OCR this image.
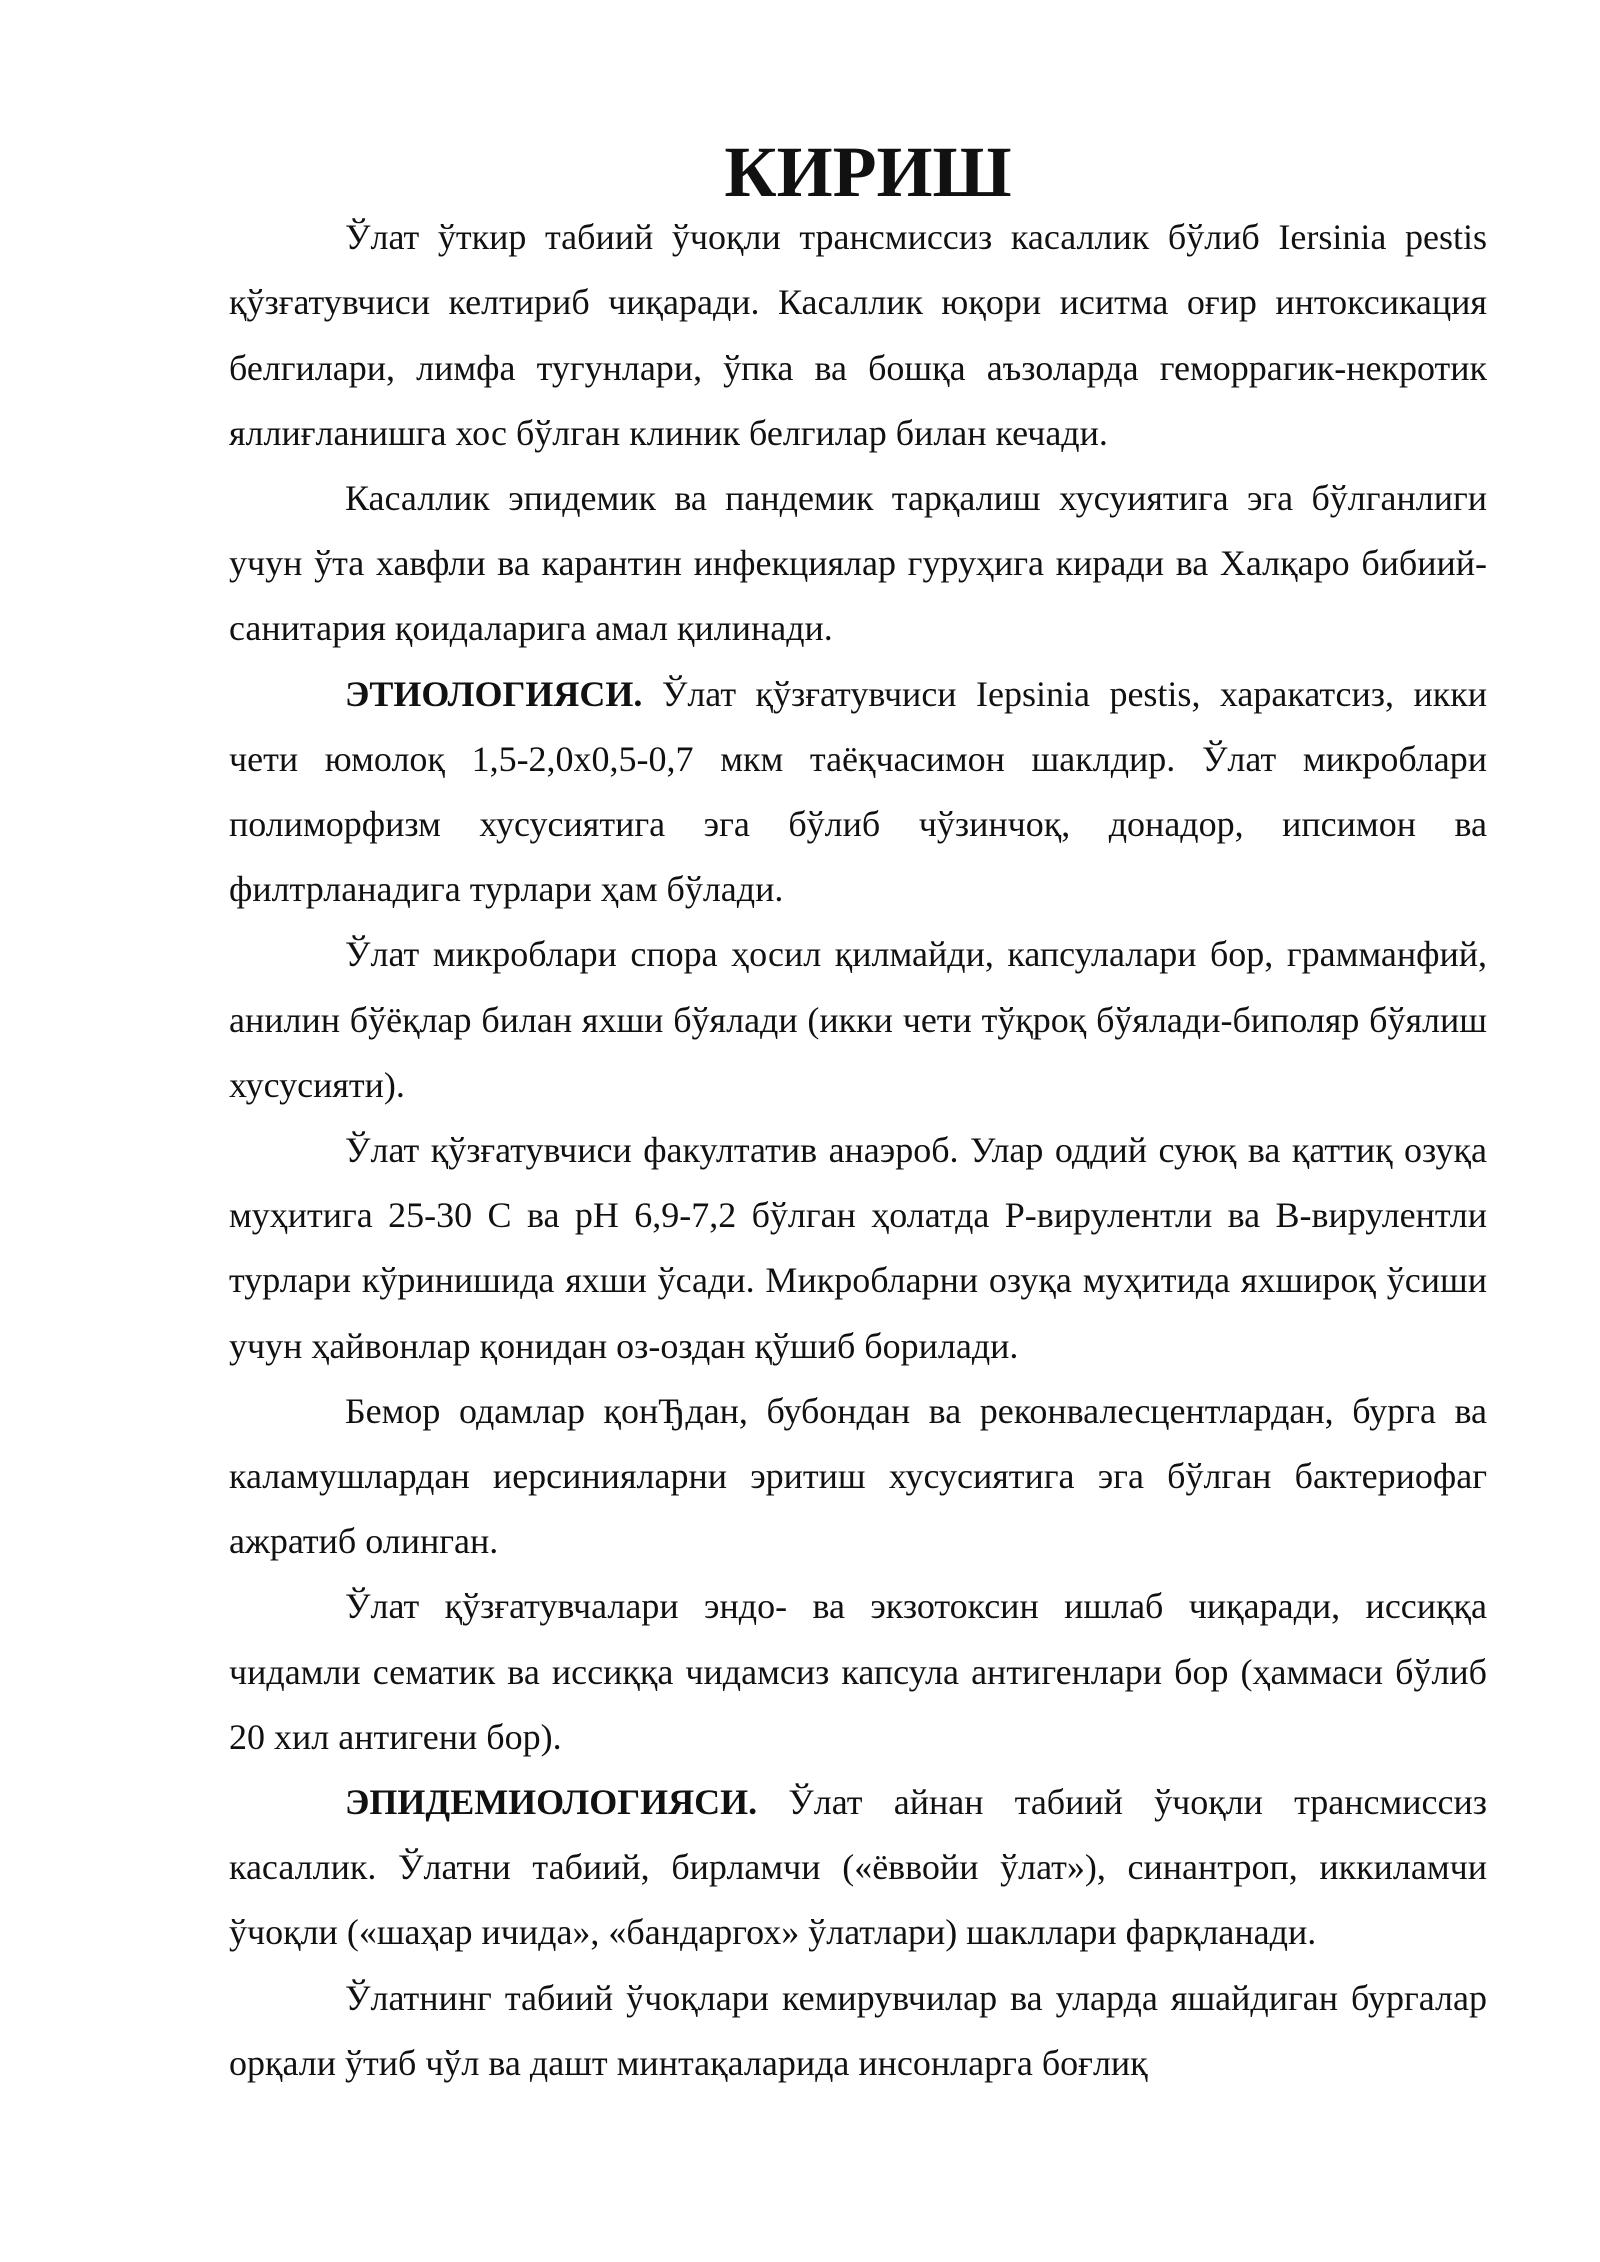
КИРИШ

Ўлат ўткир табиий ўчоқли трансмиссиз касаллик бўлиб Iersinia pestis қўзғатувчиси келтириб чиқаради. Касаллик юқори иситма оғир интоксикация белгилари, лимфа тугунлари, ўпка ва бошқа аъзоларда геморрагик-некротик яллиғланишга хос бўлган клиник белгилар билан кечади.

Касаллик эпидемик ва пандемик тарқалиш хусуиятига эга бўлганлиги учун ўта хавфли ва карантин инфекциялар гуруҳига киради ва Халқаро бибиий-санитария қоидаларига амал қилинади.

ЭТИОЛОГИЯСИ. Ўлат қўзғатувчиси Iepsinia pestis, харакатсиз, икки чети юмолоқ 1,5-2,0x0,5-0,7 мкм таёқчасимон шаклдир. Ўлат микроблари полиморфизм хусусиятига эга бўлиб чўзинчоқ, донадор, ипсимон ва филтрланадига турлари ҳам бўлади.

Ўлат микроблари спора ҳосил қилмайди, капсулалари бор, грамманфий, анилин бўёқлар билан яхши бўялади (икки чети тўқроқ бўялади-биполяр бўялиш хусусияти).

Ўлат қўзғатувчиси факултатив анаэроб. Улар оддий суюқ ва қаттиқ озуқа муҳитига 25-30 С ва рН 6,9-7,2 бўлган ҳолатда Р-вирулентли ва В-вирулентли турлари кўринишида яхши ўсади. Микробларни озуқа муҳитида яхшироқ ўсиши учун ҳайвонлар қонидан оз-оздан қўшиб борилади.

Бемор одамлар қонЂдан, бубондан ва реконвалесцентлардан, бурга ва каламушлардан иерсинияларни эритиш хусусиятига эга бўлган бактериофаг ажратиб олинган.

Ўлат қўзғатувчалари эндо- ва экзотоксин ишлаб чиқаради, иссиққа чидамли сематик ва иссиққа чидамсиз капсула антигенлари бор (ҳаммаси бўлиб 20 хил антигени бор).

ЭПИДЕМИОЛОГИЯСИ. Ўлат айнан табиий ўчоқли трансмиссиз касаллик. Ўлатни табиий, бирламчи («ёввойи ўлат»), синантроп, иккиламчи ўчоқли («шаҳар ичида», «бандаргох» ўлатлари) шакллари фарқланади.

Ўлатнинг табиий ўчоқлари кемирувчилар ва уларда яшайдиган бургалар орқали ўтиб чўл ва дашт минтақаларида инсонларга боғлиқ
